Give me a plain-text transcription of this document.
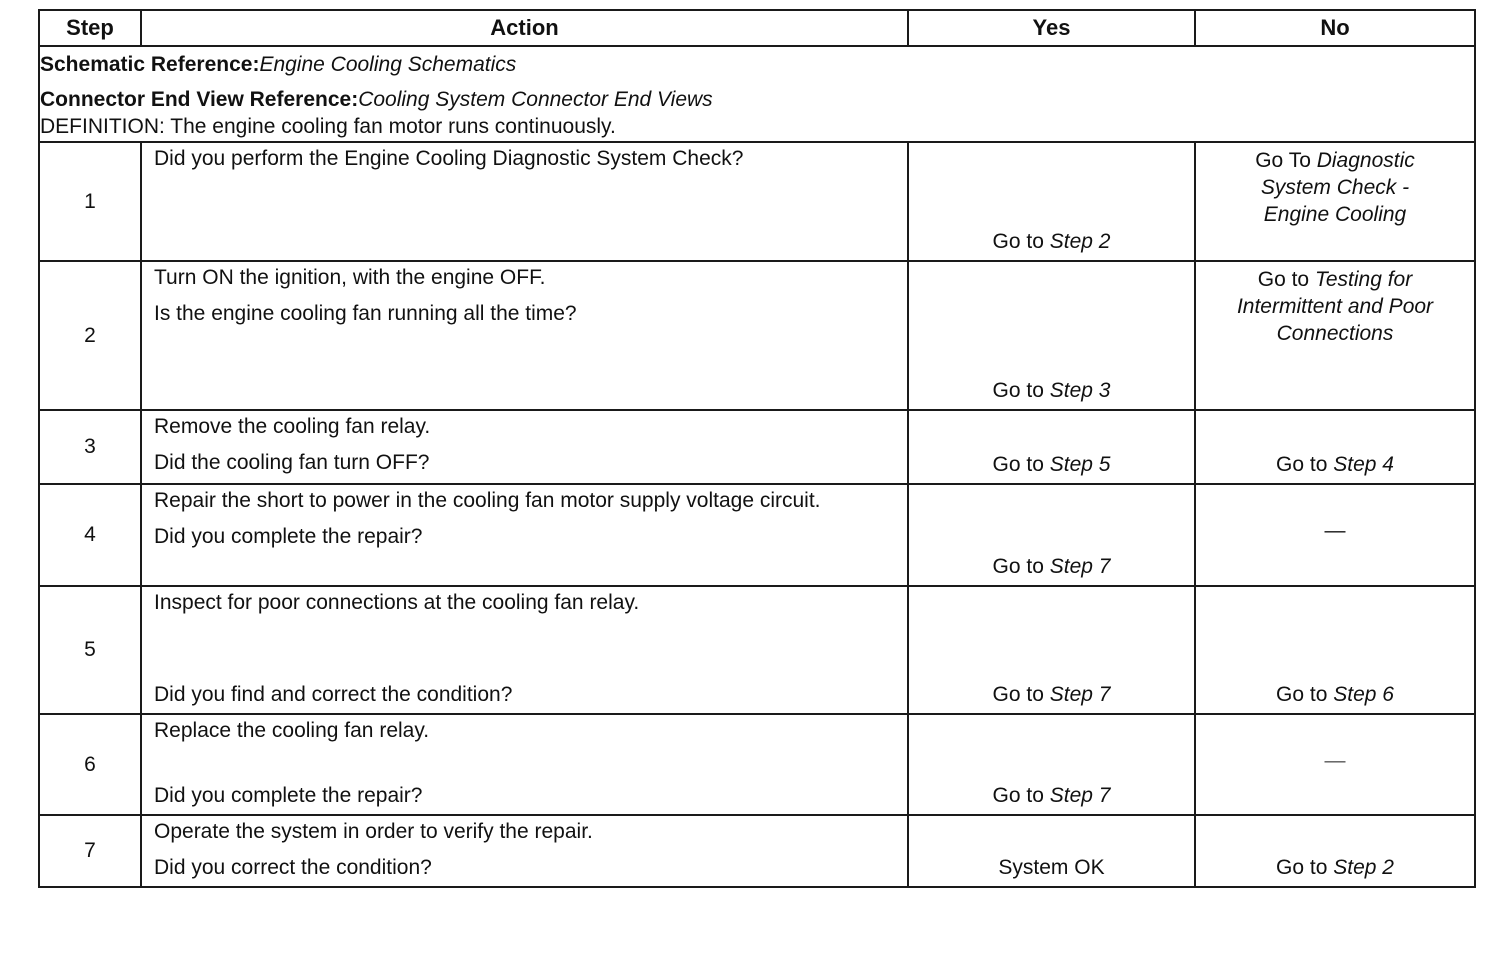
Step	Action	Yes	No

Schematic Reference:Engine Cooling Schematics
Connector End View Reference:Cooling System Connector End Views
DEFINITION: The engine cooling fan motor runs continuously.			

1	Did you perform the Engine Cooling Diagnostic System Check?	Go to Step 2	Go To Diagnostic System Check - Engine Cooling

2	Turn ON the ignition, with the engine OFF.

Is the engine cooling fan running all the time?	Go to Step 3	Go to Testing for Intermittent and Poor Connections

3	Remove the cooling fan relay.

Did the cooling fan turn OFF?	Go to Step 5	Go to Step 4

4	Repair the short to power in the cooling fan motor supply voltage circuit.

Did you complete the repair?	Go to Step 7	—

5	Inspect for poor connections at the cooling fan relay.

Did you find and correct the condition?	Go to Step 7	Go to Step 6

6	Replace the cooling fan relay.

Did you complete the repair?	Go to Step 7	—

7	Operate the system in order to verify the repair.

Did you correct the condition?	System OK	Go to Step 2
